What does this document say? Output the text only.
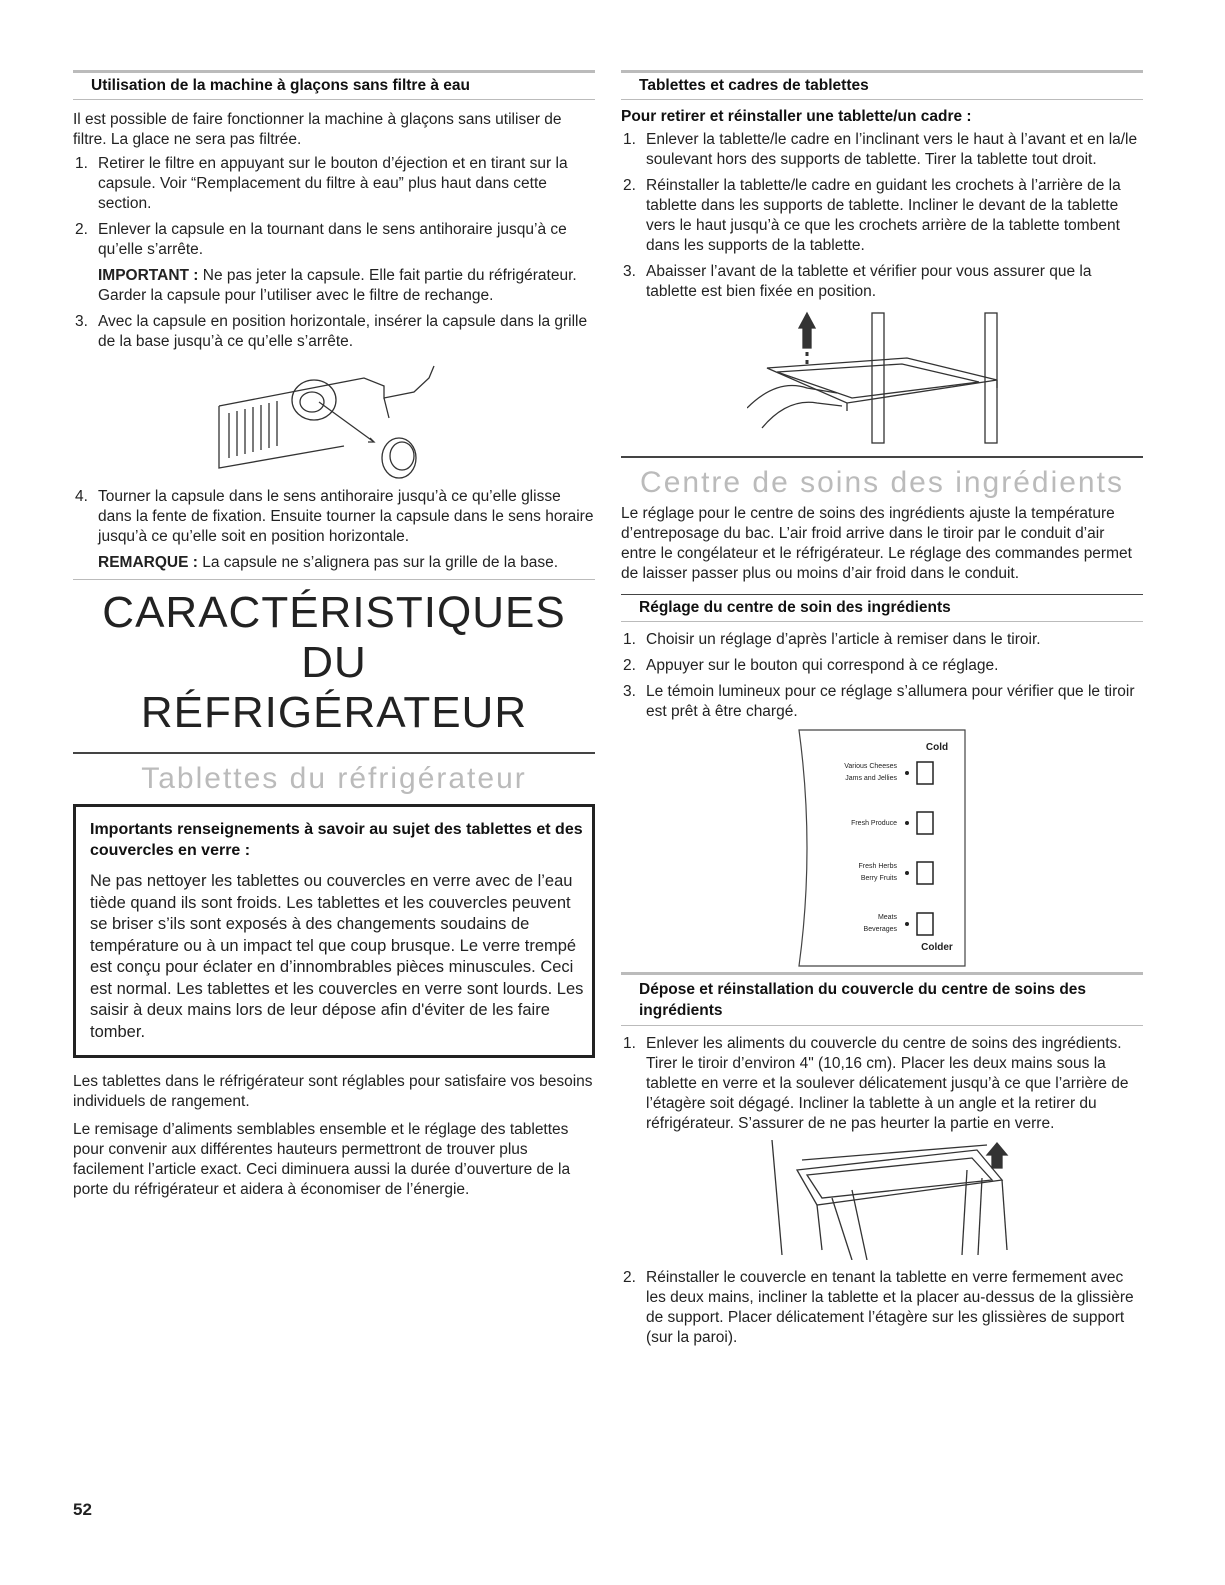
Utilisation de la machine à glaçons sans filtre à eau

Il est possible de faire fonctionner la machine à glaçons sans utiliser de filtre. La glace ne sera pas filtrée.

1. Retirer le filtre en appuyant sur le bouton d’éjection et en tirant sur la capsule. Voir “Remplacement du filtre à eau” plus haut dans cette section.
2. Enlever la capsule en la tournant dans le sens antihoraire jusqu’à ce qu’elle s’arrête.

IMPORTANT : Ne pas jeter la capsule. Elle fait partie du réfrigérateur. Garder la capsule pour l’utiliser avec le filtre de rechange.

3. Avec la capsule en position horizontale, insérer la capsule dans la grille de la base jusqu’à ce qu’elle s’arrête.
4. Tourner la capsule dans le sens antihoraire jusqu’à ce qu’elle glisse dans la fente de fixation. Ensuite tourner la capsule dans le sens horaire jusqu’à ce qu’elle soit en position horizontale.

REMARQUE : La capsule ne s’alignera pas sur la grille de la base.

CARACTÉRISTIQUES DU
RÉFRIGÉRATEUR
Tablettes du réfrigérateur
Importants renseignements à savoir au sujet des tablettes et des couvercles en verre :

Ne pas nettoyer les tablettes ou couvercles en verre avec de l’eau tiède quand ils sont froids. Les tablettes et les couvercles peuvent se briser s’ils sont exposés à des changements soudains de température ou à un impact tel que coup brusque. Le verre trempé est conçu pour éclater en d’innombrables pièces minuscules. Ceci est normal. Les tablettes et les couvercles en verre sont lourds. Les saisir à deux mains lors de leur dépose afin d'éviter de les faire tomber.

Les tablettes dans le réfrigérateur sont réglables pour satisfaire vos besoins individuels de rangement.

Le remisage d’aliments semblables ensemble et le réglage des tablettes pour convenir aux différentes hauteurs permettront de trouver plus facilement l’article exact. Ceci diminuera aussi la durée d’ouverture de la porte du réfrigérateur et aidera à économiser de l’énergie.

Tablettes et cadres de tablettes
Pour retirer et réinstaller une tablette/un cadre :
1. Enlever la tablette/le cadre en l’inclinant vers le haut à l’avant et en la/le soulevant hors des supports de tablette. Tirer la tablette tout droit.
2. Réinstaller la tablette/le cadre en guidant les crochets à l’arrière de la tablette dans les supports de tablette. Incliner le devant de la tablette vers le haut jusqu’à ce que les crochets arrière de la tablette tombent dans les supports de la tablette.
3. Abaisser l’avant de la tablette et vérifier pour vous assurer que la tablette est bien fixée en position.
Centre de soins des ingrédients

Le réglage pour le centre de soins des ingrédients ajuste la température d’entreposage du bac. L’air froid arrive dans le tiroir par le conduit d’air entre le congélateur et le réfrigérateur. Le réglage des commandes permet de laisser passer plus ou moins d’air froid dans le conduit.

Réglage du centre de soin des ingrédients
1. Choisir un réglage d’après l’article à remiser dans le tiroir.
2. Appuyer sur le bouton qui correspond à ce réglage.
3. Le témoin lumineux pour ce réglage s’allumera pour vérifier que le tiroir est prêt à être chargé.
Cold
Various Cheeses
Jams and Jellies
Fresh Produce
Fresh Herbs
Berry Fruits
Meats
Beverages
Colder
Dépose et réinstallation du couvercle du centre de soins des ingrédients
1. Enlever les aliments du couvercle du centre de soins des ingrédients. Tirer le tiroir d’environ 4" (10,16 cm). Placer les deux mains sous la tablette en verre et la soulever délicatement jusqu’à ce que l’arrière de l’étagère soit dégagé. Incliner la tablette à un angle et la retirer du réfrigérateur. S’assurer de ne pas heurter la partie en verre.
2. Réinstaller le couvercle en tenant la tablette en verre fermement avec les deux mains, incliner la tablette et la placer au-dessus de la glissière de support. Placer délicatement l’étagère sur les glissières de support (sur la paroi).
52
